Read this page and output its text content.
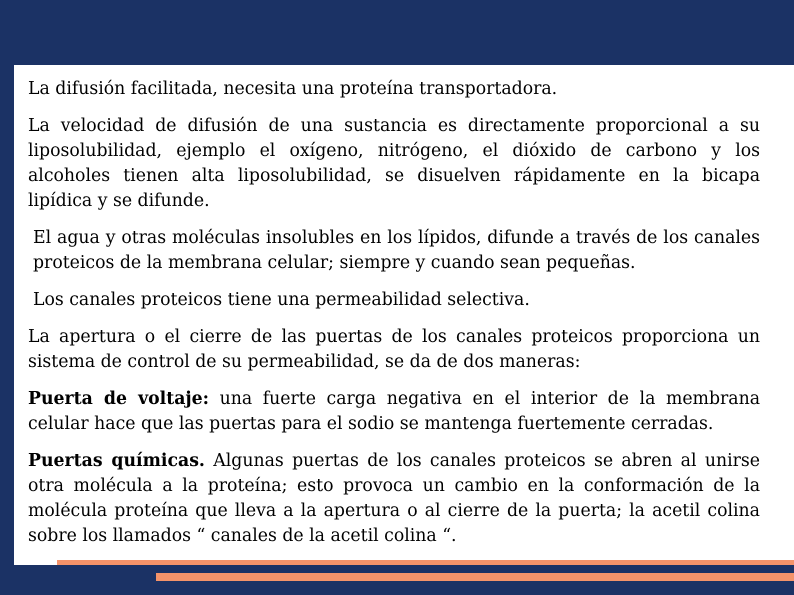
La difusión facilitada, necesita una proteína transportadora.

La velocidad de difusión de una sustancia es directamente proporcional a su liposolubilidad, ejemplo el oxígeno, nitrógeno, el dióxido de carbono y los alcoholes tienen alta liposolubilidad, se disuelven rápidamente en la bicapa lipídica y se difunde.

El agua y otras moléculas insolubles en los lípidos, difunde a través de los canales proteicos de la membrana celular; siempre y cuando sean pequeñas.

Los canales proteicos tiene una permeabilidad selectiva.

La apertura o el cierre de las puertas de los canales proteicos proporciona un sistema de control de su permeabilidad, se da de dos maneras:

Puerta de voltaje: una fuerte carga negativa en el interior de la membrana celular hace que las puertas para el sodio se mantenga fuertemente cerradas.

Puertas químicas. Algunas puertas de los canales proteicos se abren al unirse otra molécula a la proteína; esto provoca un cambio en la conformación de la molécula proteína que lleva a la apertura o al cierre de la puerta; la acetil colina sobre los llamados “ canales de la acetil colina “.
